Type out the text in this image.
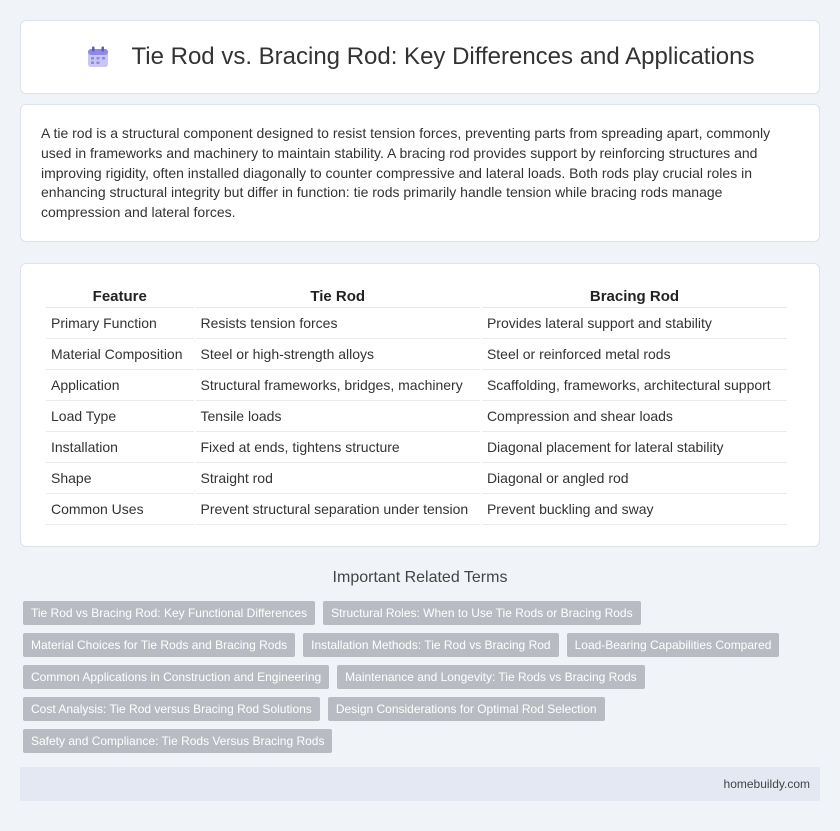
Tie Rod vs. Bracing Rod: Key Differences and Applications

A tie rod is a structural component designed to resist tension forces, preventing parts from spreading apart, commonly used in frameworks and machinery to maintain stability. A bracing rod provides support by reinforcing structures and improving rigidity, often installed diagonally to counter compressive and lateral loads. Both rods play crucial roles in enhancing structural integrity but differ in function: tie rods primarily handle tension while bracing rods manage compression and lateral forces.

Feature	Tie Rod	Bracing Rod
Primary Function	Resists tension forces	Provides lateral support and stability
Material Composition	Steel or high-strength alloys	Steel or reinforced metal rods
Application	Structural frameworks, bridges, machinery	Scaffolding, frameworks, architectural support
Load Type	Tensile loads	Compression and shear loads
Installation	Fixed at ends, tightens structure	Diagonal placement for lateral stability
Shape	Straight rod	Diagonal or angled rod
Common Uses	Prevent structural separation under tension	Prevent buckling and sway
Important Related Terms
Tie Rod vs Bracing Rod: Key Functional Differences	Structural Roles: When to Use Tie Rods or Bracing Rods
Material Choices for Tie Rods and Bracing Rods	Installation Methods: Tie Rod vs Bracing Rod	Load-Bearing Capabilities Compared
Common Applications in Construction and Engineering	Maintenance and Longevity: Tie Rods vs Bracing Rods
Cost Analysis: Tie Rod versus Bracing Rod Solutions	Design Considerations for Optimal Rod Selection
Safety and Compliance: Tie Rods Versus Bracing Rods
homebuildy.com
